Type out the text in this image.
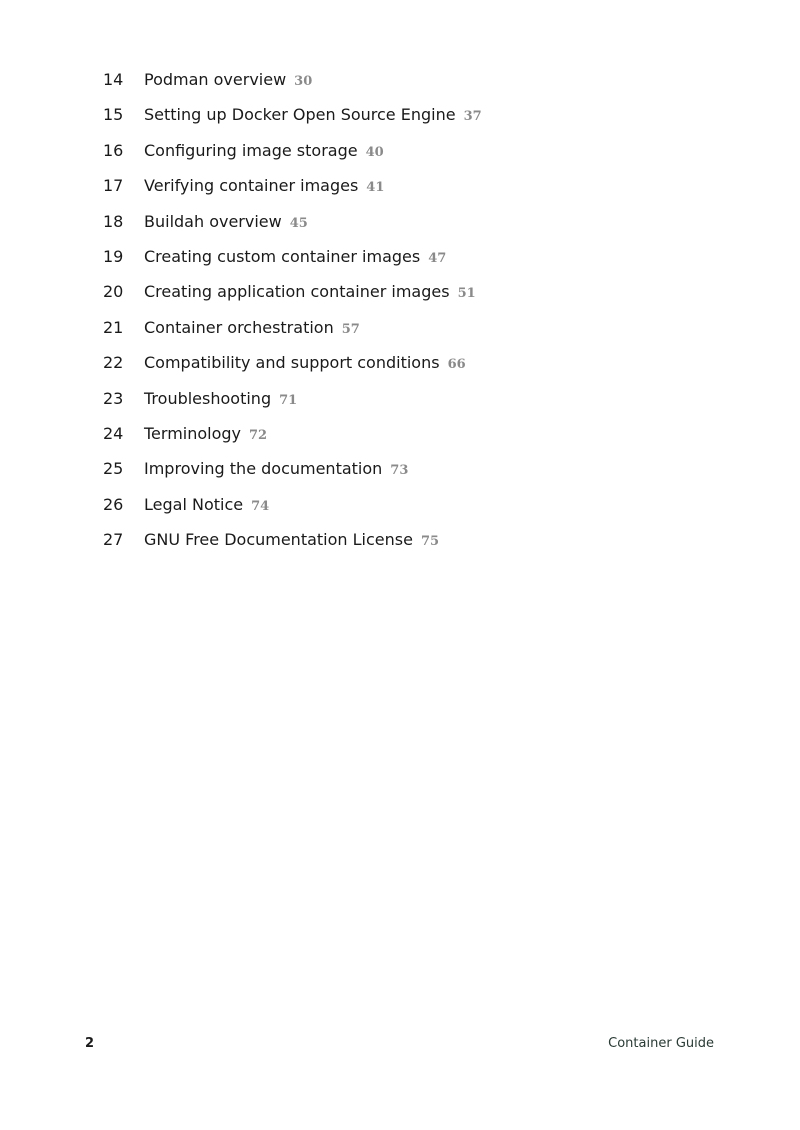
14	Podman overview 30
15	Setting up Docker Open Source Engine 37
16	Configuring image storage 40
17	Verifying container images 41
18	Buildah overview 45
19	Creating custom container images 47
20	Creating application container images 51
21	Container orchestration 57
22	Compatibility and support conditions 66
23	Troubleshooting 71
24	Terminology 72
25	Improving the documentation 73
26	Legal Notice 74
27	GNU Free Documentation License 75
2	Container Guide
